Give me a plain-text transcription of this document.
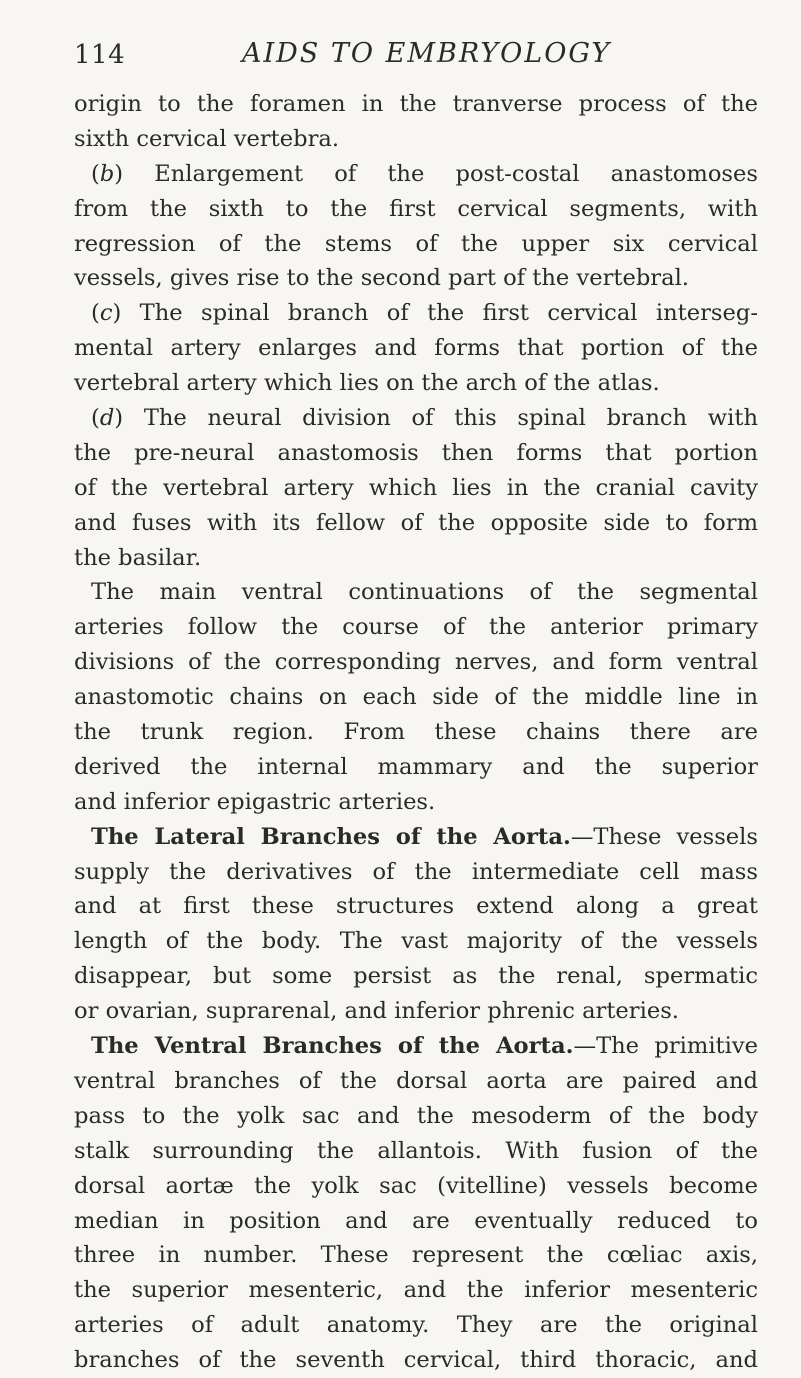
114	AIDS TO EMBRYOLOGY
origin to the foramen in the tranverse process of the
sixth cervical vertebra.
(b) Enlargement of the post-costal anastomoses
from the sixth to the first cervical segments, with
regression of the stems of the upper six cervical
vessels, gives rise to the second part of the vertebral.
(c) The spinal branch of the first cervical interseg-
mental artery enlarges and forms that portion of the
vertebral artery which lies on the arch of the atlas.
(d) The neural division of this spinal branch with
the pre-neural anastomosis then forms that portion
of the vertebral artery which lies in the cranial cavity
and fuses with its fellow of the opposite side to form
the basilar.
The main ventral continuations of the segmental
arteries follow the course of the anterior primary
divisions of the corresponding nerves, and form ventral
anastomotic chains on each side of the middle line in
the trunk region. From these chains there are
derived the internal mammary and the superior
and inferior epigastric arteries.
The Lateral Branches of the Aorta.—These vessels
supply the derivatives of the intermediate cell mass
and at first these structures extend along a great
length of the body. The vast majority of the vessels
disappear, but some persist as the renal, spermatic
or ovarian, suprarenal, and inferior phrenic arteries.
The Ventral Branches of the Aorta.—The primitive
ventral branches of the dorsal aorta are paired and
pass to the yolk sac and the mesoderm of the body
stalk surrounding the allantois. With fusion of the
dorsal aortæ the yolk sac (vitelline) vessels become
median in position and are eventually reduced to
three in number. These represent the cœliac axis,
the superior mesenteric, and the inferior mesenteric
arteries of adult anatomy. They are the original
branches of the seventh cervical, third thoracic, and
